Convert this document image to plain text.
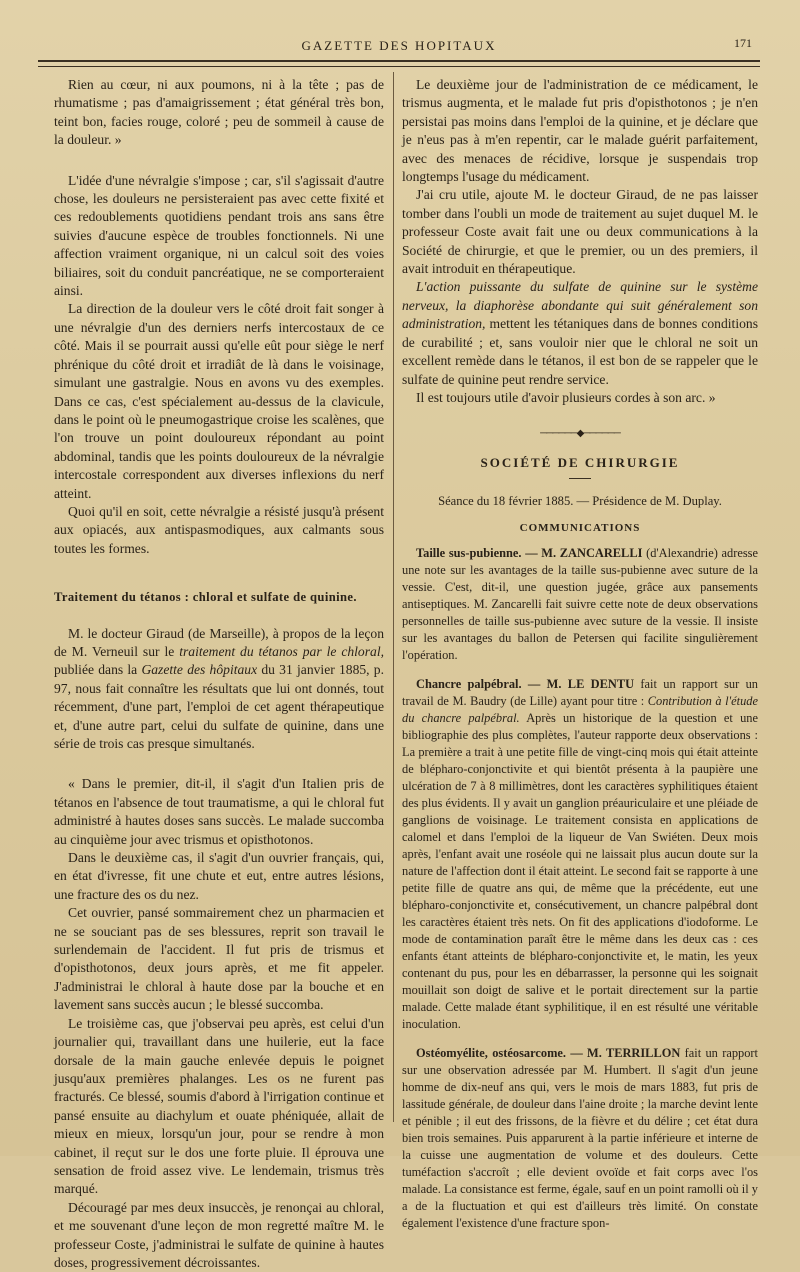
GAZETTE DES HOPITAUX	171

Rien au cœur, ni aux poumons, ni à la tête ; pas de rhumatisme ; pas d'amaigrissement ; état général très bon, teint bon, facies rouge, coloré ; peu de sommeil à cause de la douleur. »

L'idée d'une névralgie s'impose ; car, s'il s'agissait d'autre chose, les douleurs ne persisteraient pas avec cette fixité et ces redoublements quotidiens pendant trois ans sans être suivies d'aucune espèce de troubles fonctionnels. Ni une affection vraiment organique, ni un calcul soit des voies biliaires, soit du conduit pancréatique, ne se comporteraient ainsi.

La direction de la douleur vers le côté droit fait songer à une névralgie d'un des derniers nerfs intercostaux de ce côté. Mais il se pourrait aussi qu'elle eût pour siège le nerf phrénique du côté droit et irradiât de là dans le voisinage, simulant une gastralgie. Nous en avons vu des exemples. Dans ce cas, c'est spécialement au-dessus de la clavicule, dans le point où le pneumogastrique croise les scalènes, que l'on trouve un point douloureux répondant au point abdominal, tandis que les points douloureux de la névralgie intercostale correspondent aux diverses inflexions du nerf atteint.

Quoi qu'il en soit, cette névralgie a résisté jusqu'à présent aux opiacés, aux antispasmodiques, aux calmants sous toutes les formes.

Traitement du tétanos : chloral et sulfate de quinine.

M. le docteur Giraud (de Marseille), à propos de la leçon de M. Verneuil sur le traitement du tétanos par le chloral, publiée dans la Gazette des hôpitaux du 31 janvier 1885, p. 97, nous fait connaître les résultats que lui ont donnés, tout récemment, d'une part, l'emploi de cet agent thérapeutique et, d'une autre part, celui du sulfate de quinine, dans une série de trois cas presque simultanés.

« Dans le premier, dit-il, il s'agit d'un Italien pris de tétanos en l'absence de tout traumatisme, a qui le chloral fut administré à hautes doses sans succès. Le malade succomba au cinquième jour avec trismus et opisthotonos.

Dans le deuxième cas, il s'agit d'un ouvrier français, qui, en état d'ivresse, fit une chute et eut, entre autres lésions, une fracture des os du nez.

Cet ouvrier, pansé sommairement chez un pharmacien et ne se souciant pas de ses blessures, reprit son travail le surlendemain de l'accident. Il fut pris de trismus et d'opisthotonos, deux jours après, et me fit appeler. J'administrai le chloral à haute dose par la bouche et en lavement sans succès aucun ; le blessé succomba.

Le troisième cas, que j'observai peu après, est celui d'un journalier qui, travaillant dans une huilerie, eut la face dorsale de la main gauche enlevée depuis le poignet jusqu'aux premières phalanges. Les os ne furent pas fracturés. Ce blessé, soumis d'abord à l'irrigation continue et pansé ensuite au diachylum et ouate phéniquée, allait de mieux en mieux, lorsqu'un jour, pour se rendre à mon cabinet, il reçut sur le dos une forte pluie. Il éprouva une sensation de froid assez vive. Le lendemain, trismus très marqué.

Découragé par mes deux insuccès, je renonçai au chloral, et me souvenant d'une leçon de mon regretté maître M. le professeur Coste, j'administrai le sulfate de quinine à hautes doses, progressivement décroissantes.

Le deuxième jour de l'administration de ce médicament, le trismus augmenta, et le malade fut pris d'opisthotonos ; je n'en persistai pas moins dans l'emploi de la quinine, et je déclare que je n'eus pas à m'en repentir, car le malade guérit parfaitement, avec des menaces de récidive, lorsque je suspendais trop longtemps l'usage du médicament.

J'ai cru utile, ajoute M. le docteur Giraud, de ne pas laisser tomber dans l'oubli un mode de traitement au sujet duquel M. le professeur Coste avait fait une ou deux communications à la Société de chirurgie, et que le premier, ou un des premiers, il avait introduit en thérapeutique.

L'action puissante du sulfate de quinine sur le système nerveux, la diaphorèse abondante qui suit généralement son administration, mettent les tétaniques dans de bonnes conditions de curabilité ; et, sans vouloir nier que le chloral ne soit un excellent remède dans le tétanos, il est bon de se rappeler que le sulfate de quinine peut rendre service.

Il est toujours utile d'avoir plusieurs cordes à son arc. »

──────◆──────
SOCIÉTÉ DE CHIRURGIE
Séance du 18 février 1885. — Présidence de M. Duplay.
COMMUNICATIONS

Taille sus-pubienne. — M. ZANCARELLI (d'Alexandrie) adresse une note sur les avantages de la taille sus-pubienne avec suture de la vessie. C'est, dit-il, une question jugée, grâce aux pansements antiseptiques. M. Zancarelli fait suivre cette note de deux observations personnelles de taille sus-pubienne avec suture de la vessie. Il insiste sur les avantages du ballon de Petersen qui facilite singulièrement l'opération.

Chancre palpébral. — M. LE DENTU fait un rapport sur un travail de M. Baudry (de Lille) ayant pour titre : Contribution à l'étude du chancre palpébral. Après un historique de la question et une bibliographie des plus complètes, l'auteur rapporte deux observations : La première a trait à une petite fille de vingt-cinq mois qui était atteinte de blépharo-conjonctivite et qui bientôt présenta à la paupière une ulcération de 7 à 8 millimètres, dont les caractères syphilitiques étaient des plus évidents. Il y avait un ganglion préauriculaire et une pléiade de ganglions de voisinage. Le traitement consista en applications de calomel et dans l'emploi de la liqueur de Van Swiéten. Deux mois après, l'enfant avait une roséole qui ne laissait plus aucun doute sur la nature de l'affection dont il était atteint. Le second fait se rapporte à une petite fille de quatre ans qui, de même que la précédente, eut une blépharo-conjonctivite et, consécutivement, un chancre palpébral dont les caractères étaient très nets. On fit des applications d'iodoforme. Le mode de contamination paraît être le même dans les deux cas : ces enfants étant atteints de blépharo-conjonctivite et, le matin, les yeux contenant du pus, pour les en débarrasser, la personne qui les soignait mouillait son doigt de salive et le portait directement sur la partie malade. Cette malade étant syphilitique, il en est résulté une véritable inoculation.

Ostéomyélite, ostéosarcome. — M. TERRILLON fait un rapport sur une observation adressée par M. Humbert. Il s'agit d'un jeune homme de dix-neuf ans qui, vers le mois de mars 1883, fut pris de lassitude générale, de douleur dans l'aine droite ; la marche devint lente et pénible ; il eut des frissons, de la fièvre et du délire ; cet état dura bien trois semaines. Puis apparurent à la partie inférieure et interne de la cuisse une augmentation de volume et des douleurs. Cette tuméfaction s'accroît ; elle devient ovoïde et fait corps avec l'os malade. La consistance est ferme, égale, sauf en un point ramolli où il y a de la fluctuation et qui est d'ailleurs très limité. On constate également l'existence d'une fracture spon-
